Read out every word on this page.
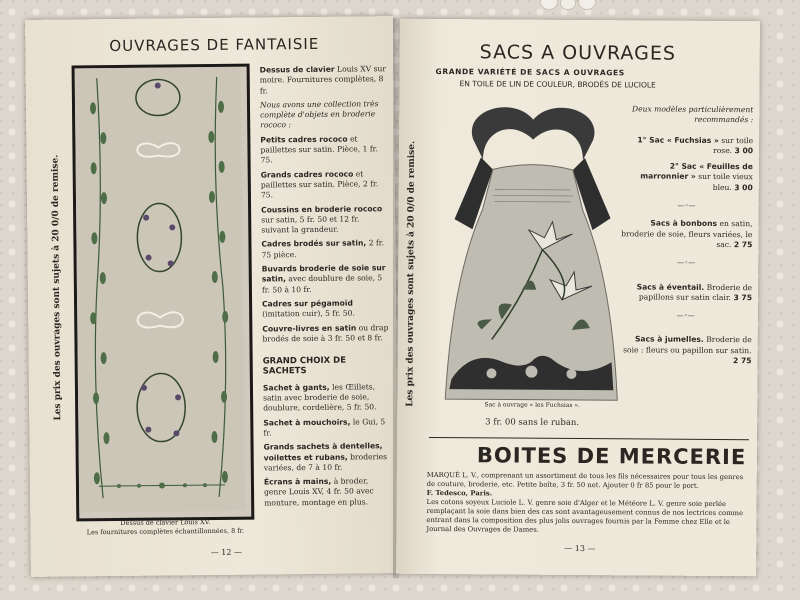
OUVRAGES DE FANTAISIE
Les prix des ouvrages sont sujets à 20 0/0 de remise.
Dessus de clavier Louis XV.
Les fournitures complètes échantillonnées, 8 fr.

Dessus de clavier Louis XV sur moire. Fournitures complètes, 8 fr.

Nous avons une collection très complète d'objets en broderie rococo :

Petits cadres rococo et paillettes sur satin. Pièce, 1 fr. 75.

Grands cadres rococo et paillettes sur satin. Pièce, 2 fr. 75.

Coussins en broderie rococo sur satin, 5 fr. 50 et 12 fr. suivant la grandeur.

Cadres brodés sur satin, 2 fr. 75 pièce.

Buvards broderie de soie sur satin, avec doublure de soie, 5 fr. 50 à 10 fr.

Cadres sur pégamoïd (imitation cuir), 5 fr. 50.

Couvre-livres en satin ou drap brodés de soie à 3 fr. 50 et 8 fr.

GRAND CHOIX DE SACHETS

Sachet à gants, les Œillets, satin avec broderie de soie, doublure, cordelière, 5 fr. 50.

Sachet à mouchoirs, le Gui, 5 fr.

Grands sachets à dentelles, voilettes et rubans, broderies variées, de 7 à 10 fr.

Écrans à mains, à broder, genre Louis XV, 4 fr. 50 avec monture, montage en plus.

— 12 —
SACS A OUVRAGES
GRANDE VARIÉTÉ DE SACS A OUVRAGES
EN TOILE DE LIN DE COULEUR, BRODÉS DE LUCIOLE
Les prix des ouvrages sont sujets à 20 0/0 de remise.	Sac à ouvrage « les Fuchsias ».
3 fr. 00 sans le ruban.
Deux modèles particulièrement recommandés :
1° Sac « Fuchsias » sur toile rose. 3 00
2° Sac « Feuilles de marronnier » sur toile vieux bleu. 3 00
—◦—
Sacs à bonbons en satin, broderie de soie, fleurs variées, le sac. 2 75
—◦—
Sacs à éventail. Broderie de papillons sur satin clair. 3 75
—◦—
Sacs à jumelles. Broderie de soie : fleurs ou papillon sur satin. 2 75
BOITES DE MERCERIE

MARQUÉ L. V., comprenant un assortiment de tous les fils nécessaires pour tous les genres de couture, broderie, etc. Petite boîte, 3 fr. 50 net. Ajouter 0 fr 85 pour le port.

F. Tedesco, Paris.

Les cotons soyeux Luciole L. V. genre soie d'Alger et le Météore L. V. genre soie perlée remplaçant la soie dans bien des cas sont avantageusement connus de nos lectrices comme entrant dans la composition des plus jolis ouvrages fournis par la Femme chez Elle et le Journal des Ouvrages de Dames.

— 13 —
